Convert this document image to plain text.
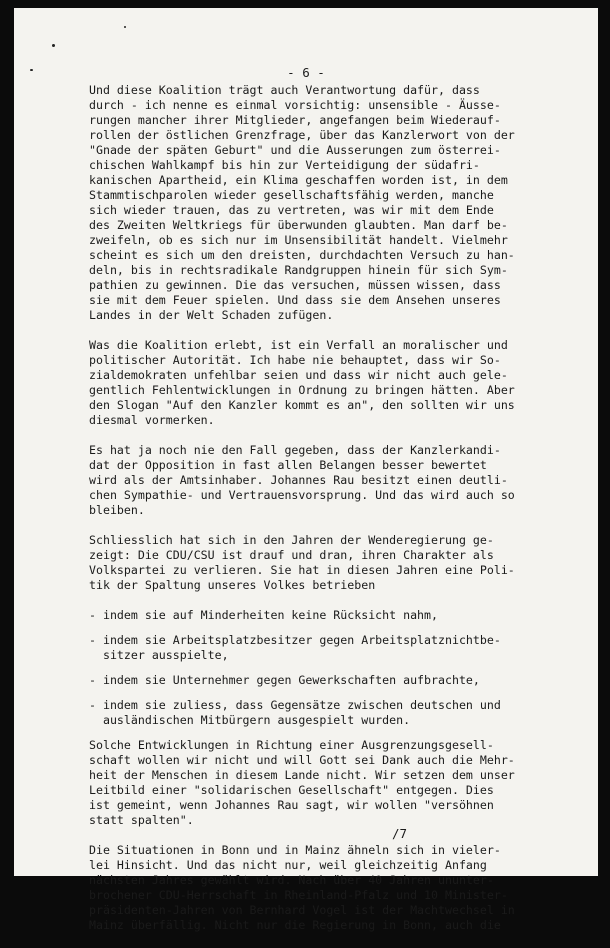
- 6 -
Und diese Koalition trägt auch Verantwortung dafür, dass
durch - ich nenne es einmal vorsichtig: unsensible - Äusse-
rungen mancher ihrer Mitglieder, angefangen beim Wiederauf-
rollen der östlichen Grenzfrage, über das Kanzlerwort von der
"Gnade der späten Geburt" und die Ausserungen zum österrei-
chischen Wahlkampf bis hin zur Verteidigung der südafri-
kanischen Apartheid, ein Klima geschaffen worden ist, in dem
Stammtischparolen wieder gesellschaftsfähig werden, manche
sich wieder trauen, das zu vertreten, was wir mit dem Ende
des Zweiten Weltkriegs für überwunden glaubten. Man darf be-
zweifeln, ob es sich nur im Unsensibilität handelt. Vielmehr
scheint es sich um den dreisten, durchdachten Versuch zu han-
deln, bis in rechtsradikale Randgruppen hinein für sich Sym-
pathien zu gewinnen. Die das versuchen, müssen wissen, dass
sie mit dem Feuer spielen. Und dass sie dem Ansehen unseres
Landes in der Welt Schaden zufügen.
Was die Koalition erlebt, ist ein Verfall an moralischer und
politischer Autorität. Ich habe nie behauptet, dass wir So-
zialdemokraten unfehlbar seien und dass wir nicht auch gele-
gentlich Fehlentwicklungen in Ordnung zu bringen hätten. Aber
den Slogan "Auf den Kanzler kommt es an", den sollten wir uns
diesmal vormerken.
Es hat ja noch nie den Fall gegeben, dass der Kanzlerkandi-
dat der Opposition in fast allen Belangen besser bewertet
wird als der Amtsinhaber. Johannes Rau besitzt einen deutli-
chen Sympathie- und Vertrauensvorsprung. Und das wird auch so
bleiben.
Schliesslich hat sich in den Jahren der Wenderegierung ge-
zeigt: Die CDU/CSU ist drauf und dran, ihren Charakter als
Volkspartei zu verlieren. Sie hat in diesen Jahren eine Poli-
tik der Spaltung unseres Volkes betrieben
- indem sie auf Minderheiten keine Rücksicht nahm,
- indem sie Arbeitsplatzbesitzer gegen Arbeitsplatznichtbe-
sitzer ausspielte,
- indem sie Unternehmer gegen Gewerkschaften aufbrachte,
- indem sie zuliess, dass Gegensätze zwischen deutschen und
ausländischen Mitbürgern ausgespielt wurden.
Solche Entwicklungen in Richtung einer Ausgrenzungsgesell-
schaft wollen wir nicht und will Gott sei Dank auch die Mehr-
heit der Menschen in diesem Lande nicht. Wir setzen dem unser
Leitbild einer "solidarischen Gesellschaft" entgegen. Dies
ist gemeint, wenn Johannes Rau sagt, wir wollen "versöhnen
statt spalten".
Die Situationen in Bonn und in Mainz ähneln sich in vieler-
lei Hinsicht. Und das nicht nur, weil gleichzeitig Anfang
nächsten Jahres gewählt wird. Nach über 40 Jahren ununter-
brochener CDU-Herrschaft in Rheinland-Pfalz und 10 Minister-
präsidenten-Jahren von Bernhard Vogel ist der Machtwechsel in
Mainz überfällig. Nicht nur die Regierung in Bonn, auch die
/7
